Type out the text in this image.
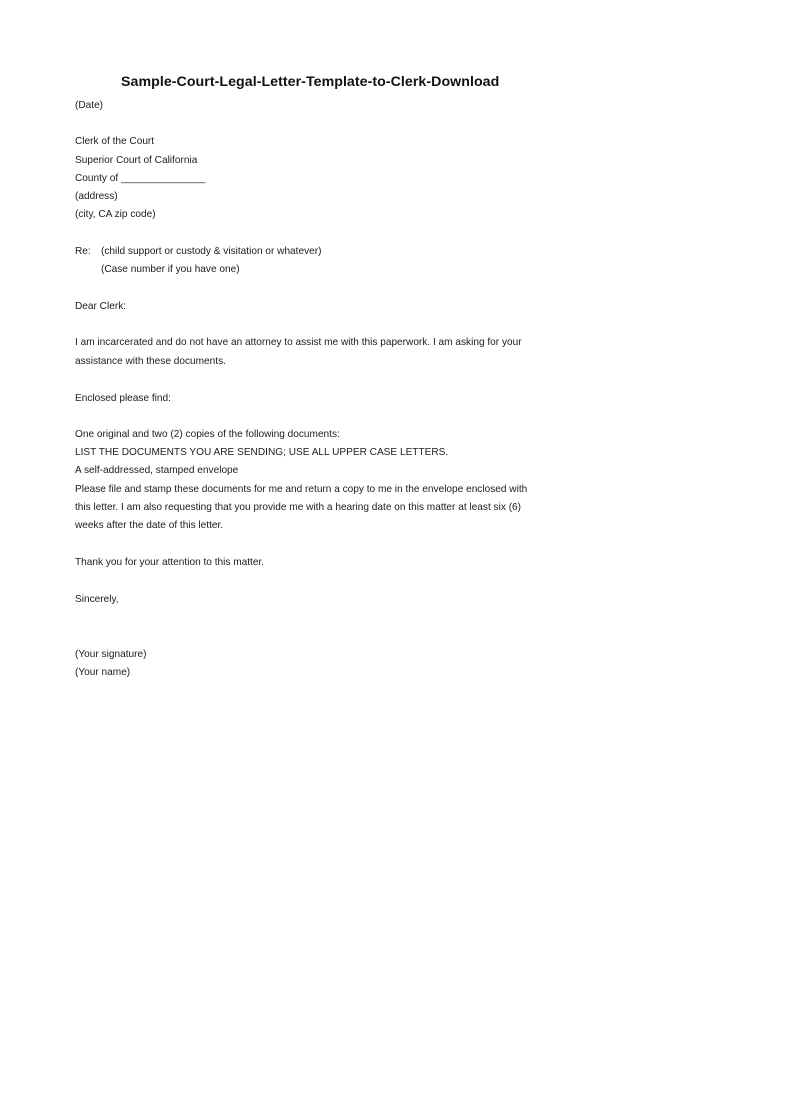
Sample-Court-Legal-Letter-Template-to-Clerk-Download
(Date)
Clerk of the Court
Superior Court of California
County of _______________
(address)
(city, CA zip code)
Re: (child support or custody & visitation or whatever)
(Case number if you have one)
Dear Clerk:
I am incarcerated and do not have an attorney to assist me with this paperwork. I am asking for your
assistance with these documents.
Enclosed please find:
One original and two (2) copies of the following documents:
LIST THE DOCUMENTS YOU ARE SENDING; USE ALL UPPER CASE LETTERS.
A self-addressed, stamped envelope
Please file and stamp these documents for me and return a copy to me in the envelope enclosed with
this letter. I am also requesting that you provide me with a hearing date on this matter at least six (6)
weeks after the date of this letter.
Thank you for your attention to this matter.
Sincerely,
(Your signature)
(Your name)
